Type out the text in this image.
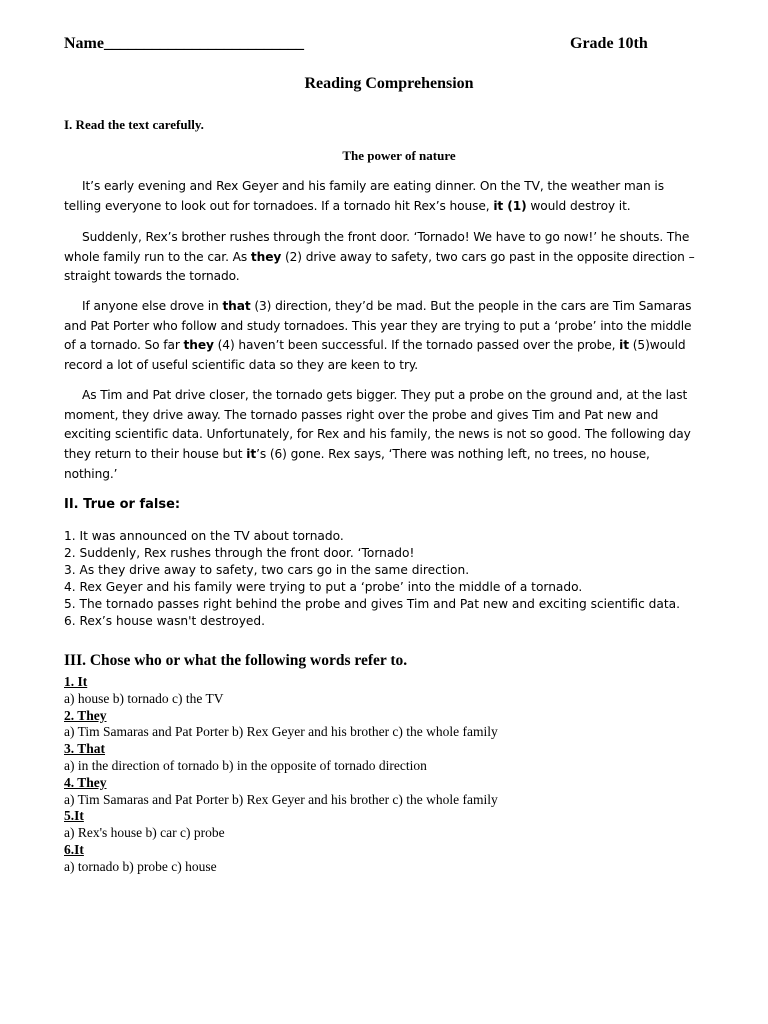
Name_________________________	Grade 10th
Reading Comprehension
I. Read the text carefully.
The power of nature

It’s early evening and Rex Geyer and his family are eating dinner. On the TV, the weather man is telling everyone to look out for tornadoes. If a tornado hit Rex’s house, it (1) would destroy it.

Suddenly, Rex’s brother rushes through the front door. ‘Tornado! We have to go now!’ he shouts. The whole family run to the car. As they (2) drive away to safety, two cars go past in the opposite direction – straight towards the tornado.

If anyone else drove in that (3) direction, they’d be mad. But the people in the cars are Tim Samaras and Pat Porter who follow and study tornadoes. This year they are trying to put a ‘probe’ into the middle of a tornado. So far they (4) haven’t been successful. If the tornado passed over the probe, it (5)would record a lot of useful scientific data so they are keen to try.

As Tim and Pat drive closer, the tornado gets bigger. They put a probe on the ground and, at the last moment, they drive away. The tornado passes right over the probe and gives Tim and Pat new and exciting scientific data. Unfortunately, for Rex and his family, the news is not so good. The following day they return to their house but it’s (6) gone. Rex says, ‘There was nothing left, no trees, no house, nothing.’

II. True or false:
1. It was announced on the TV about tornado.
2. Suddenly, Rex rushes through the front door. ‘Tornado!
3. As they drive away to safety, two cars go in the same direction.
4. Rex Geyer and his family were trying to put a ‘probe’ into the middle of a tornado.
5. The tornado passes right behind the probe and gives Tim and Pat new and exciting scientific data.
6. Rex’s house wasn't destroyed.
III. Chose who or what the following words refer to.
1. It
a) house b) tornado c) the TV
2. They
a) Tim Samaras and Pat Porter b) Rex Geyer and his brother c) the whole family
3. That
a) in the direction of tornado b) in the opposite of tornado direction
4. They
a) Tim Samaras and Pat Porter b) Rex Geyer and his brother c) the whole family
5.It
a) Rex's house b) car c) probe
6.It
a) tornado b) probe c) house
